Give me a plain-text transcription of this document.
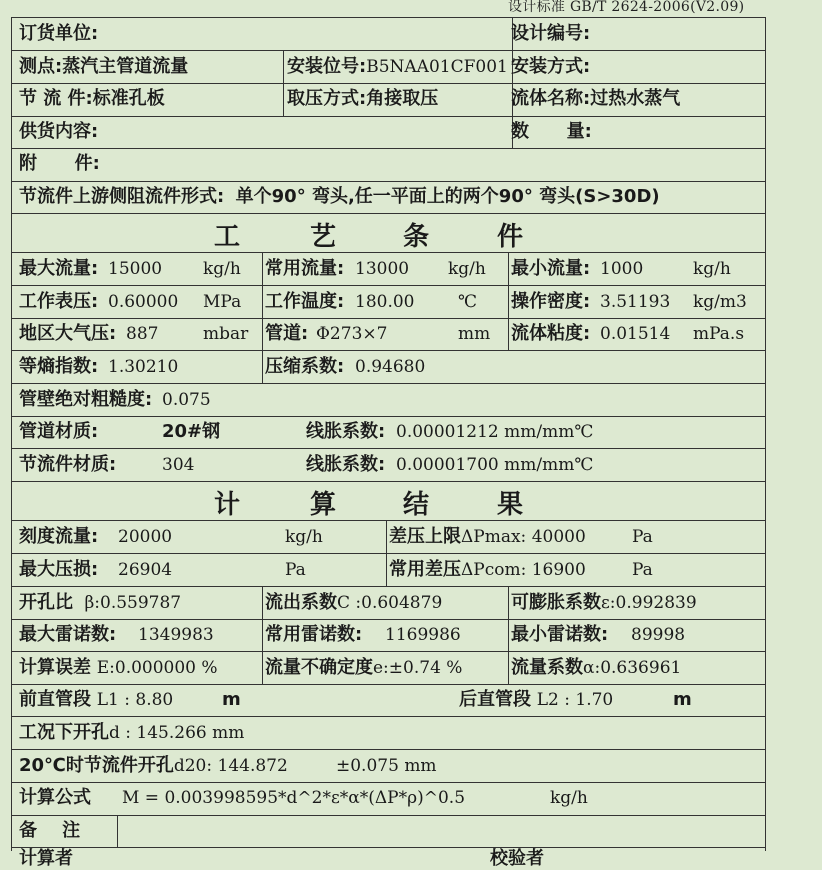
设计标准 GB/T 2624-2006(V2.09)
订货单位:	设计编号:
测点:蒸汽主管道流量	安装位号:B5NAA01CF001 安装方式:
节 流 件:标准孔板	取压方式:角接取压	流体名称:过热水蒸气
供货内容:	数      量:
附      件:
节流件上游侧阻流件形式: 单个90° 弯头,任一平面上的两个90° 弯头(S>30D)
工	艺 条	件
最大流量: 15000 kg/h 常用流量: 13000 kg/h 最小流量: 1000	kg/h
工作表压: 0.60000 MPa 工作温度: 180.00	℃ 操作密度: 3.51193 kg/m3
地区大气压: 887	mbar 管道: Φ273×7	mm 流体粘度: 0.01514 mPa.s
等熵指数: 1.30210	压缩系数: 0.94680
管壁绝对粗糙度: 0.075
管道材质:	20#钢	线胀系数: 0.00001212 mm/mm℃
节流件材质:	304	线胀系数: 0.00001700 mm/mm℃
计	算 结	果
刻度流量: 20000	kg/h	差压上限ΔPmax: 40000	Pa
最大压损: 26904	Pa	常用差压ΔPcom: 16900	Pa
开孔比 β:0.559787	流出系数C :0.604879	可膨胀系数ε:0.992839
最大雷诺数: 1349983	常用雷诺数: 1169986	最小雷诺数: 89998
计算误差 E:0.000000 %	流量不确定度e:±0.74 %	流量系数α:0.636961
前直管段 L1 : 8.80	m	后直管段 L2 : 1.70	m
工况下开孔d : 145.266 mm
20℃时节流件开孔d20: 144.872	±0.075 mm
计算公式 M = 0.003998595*d^2*ε*α*(ΔP*ρ)^0.5	kg/h
备    注
计算者	校验者
